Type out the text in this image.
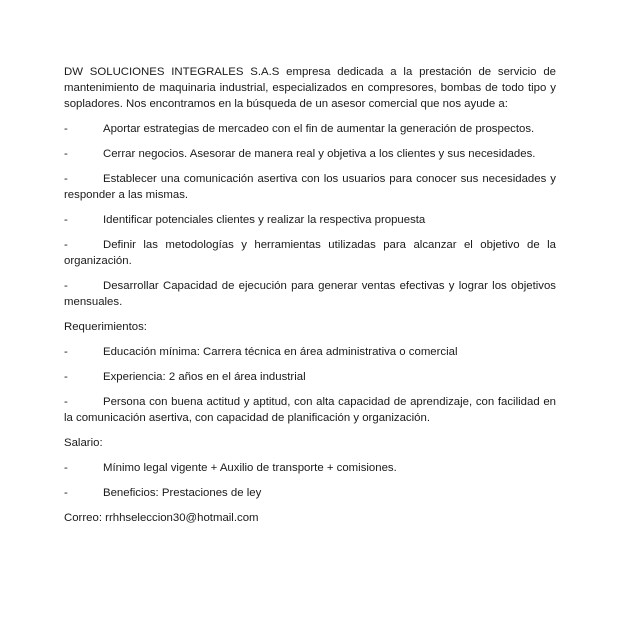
DW SOLUCIONES INTEGRALES S.A.S empresa dedicada a la prestación de servicio de mantenimiento de maquinaria industrial, especializados en compresores, bombas de todo tipo y sopladores. Nos encontramos en la búsqueda de un asesor comercial que nos ayude a:

-	Aportar estrategias de mercadeo con el fin de aumentar la generación de prospectos.

-	Cerrar negocios. Asesorar de manera real y objetiva a los clientes y sus necesidades.

-	Establecer una comunicación asertiva con los usuarios para conocer sus necesidades y responder a las mismas.

-	Identificar potenciales clientes y realizar la respectiva propuesta

-	Definir las metodologías y herramientas utilizadas para alcanzar el objetivo de la organización.

-	Desarrollar Capacidad de ejecución para generar ventas efectivas y lograr los objetivos mensuales.

Requerimientos:

-	Educación mínima: Carrera técnica en área administrativa o comercial

-	Experiencia: 2 años en el área industrial

-	Persona con buena actitud y aptitud, con alta capacidad de aprendizaje, con facilidad en la comunicación asertiva, con capacidad de planificación y organización.

Salario:

-	Mínimo legal vigente + Auxilio de transporte + comisiones.

-	Beneficios: Prestaciones de ley

Correo: rrhhseleccion30@hotmail.com
